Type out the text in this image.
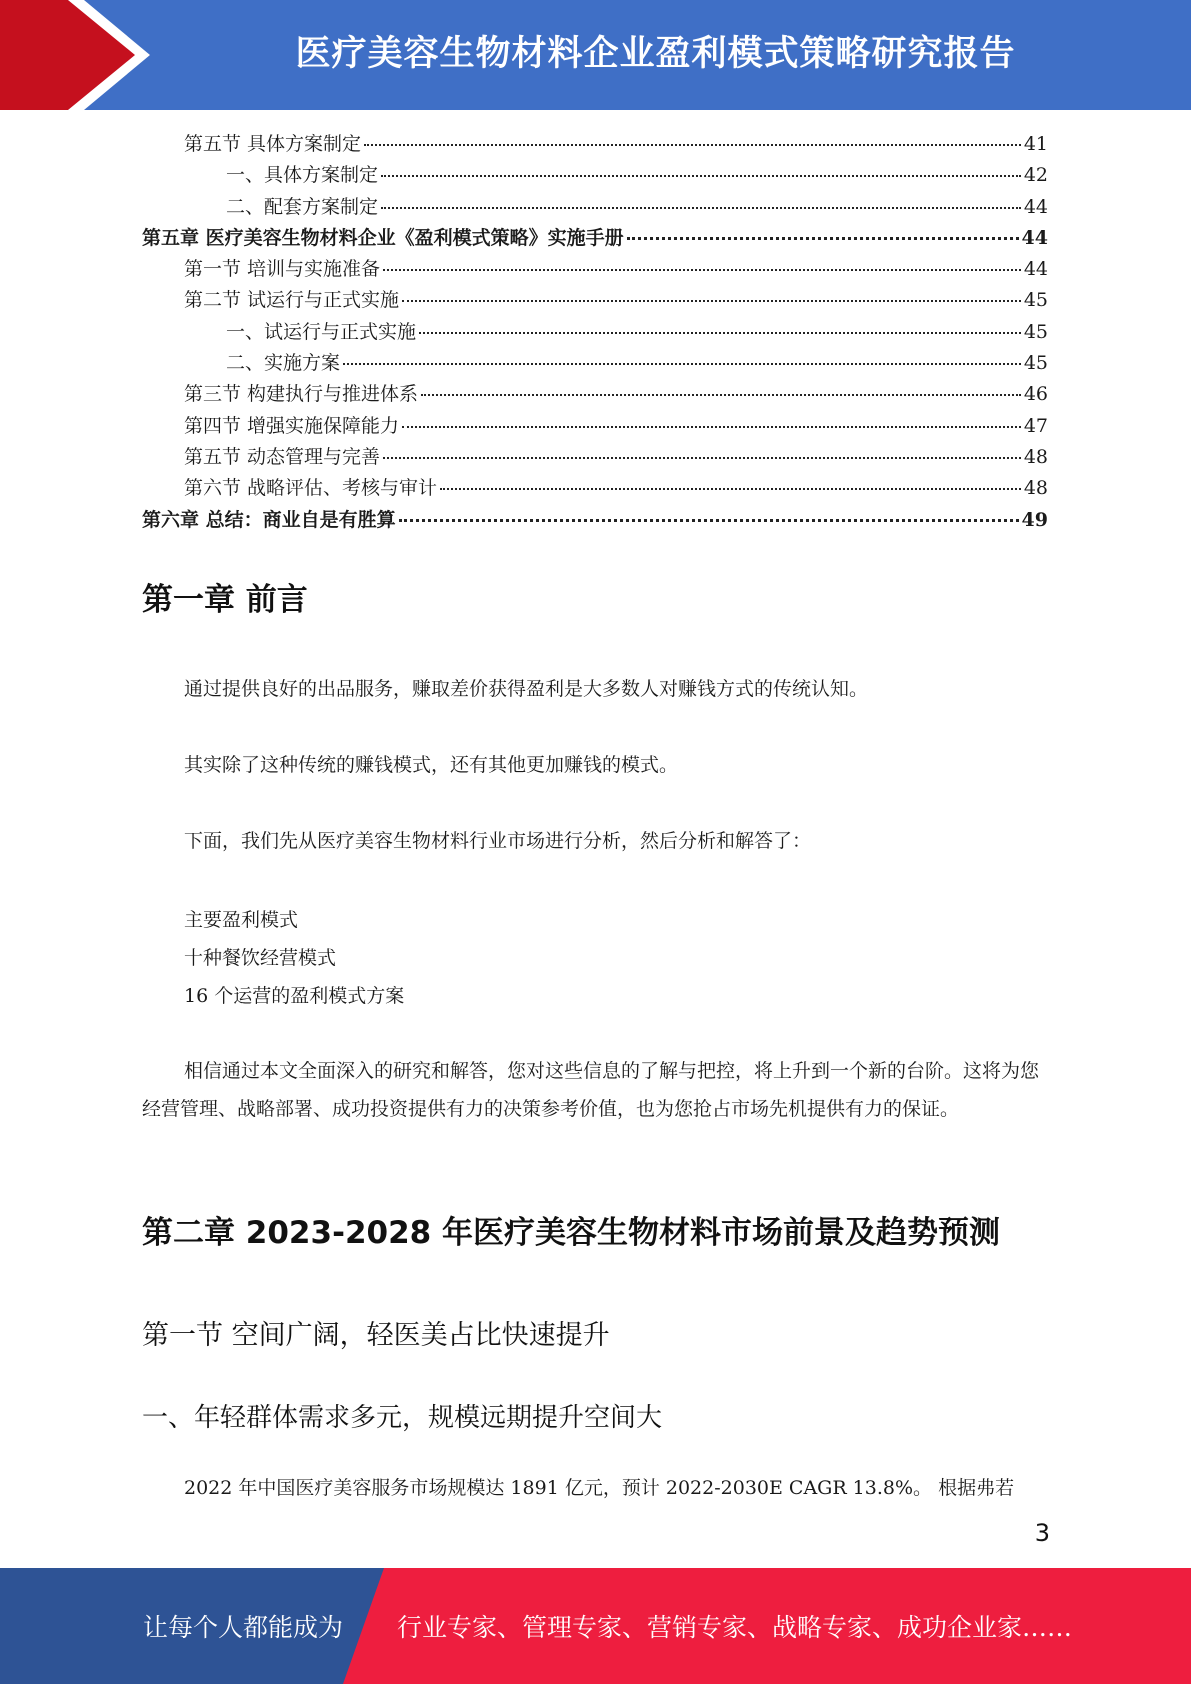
医疗美容生物材料企业盈利模式策略研究报告
第五节 具体方案制定	41
一、具体方案制定	42
二、配套方案制定	44
第五章 医疗美容生物材料企业《盈利模式策略》实施手册	44
第一节 培训与实施准备	44
第二节 试运行与正式实施	45
一、试运行与正式实施	45
二、实施方案	45
第三节 构建执行与推进体系	46
第四节 增强实施保障能力	47
第五节 动态管理与完善	48
第六节 战略评估、考核与审计	48
第六章 总结：商业自是有胜算	49
第一章 前言
通过提供良好的出品服务，赚取差价获得盈利是大多数人对赚钱方式的传统认知。
其实除了这种传统的赚钱模式，还有其他更加赚钱的模式。
下面，我们先从医疗美容生物材料行业市场进行分析，然后分析和解答了：
主要盈利模式
十种餐饮经营模式
16 个运营的盈利模式方案
相信通过本文全面深入的研究和解答，您对这些信息的了解与把控，将上升到一个新的台阶。这将为您经营管理、战略部署、成功投资提供有力的决策参考价值，也为您抢占市场先机提供有力的保证。
第二章 2023-2028 年医疗美容生物材料市场前景及趋势预测
第一节 空间广阔，轻医美占比快速提升
一、年轻群体需求多元，规模远期提升空间大
2022 年中国医疗美容服务市场规模达 1891 亿元，预计 2022-2030E CAGR 13.8%。 根据弗若
3
让每个人都能成为 行业专家、管理专家、营销专家、战略专家、成功企业家……
